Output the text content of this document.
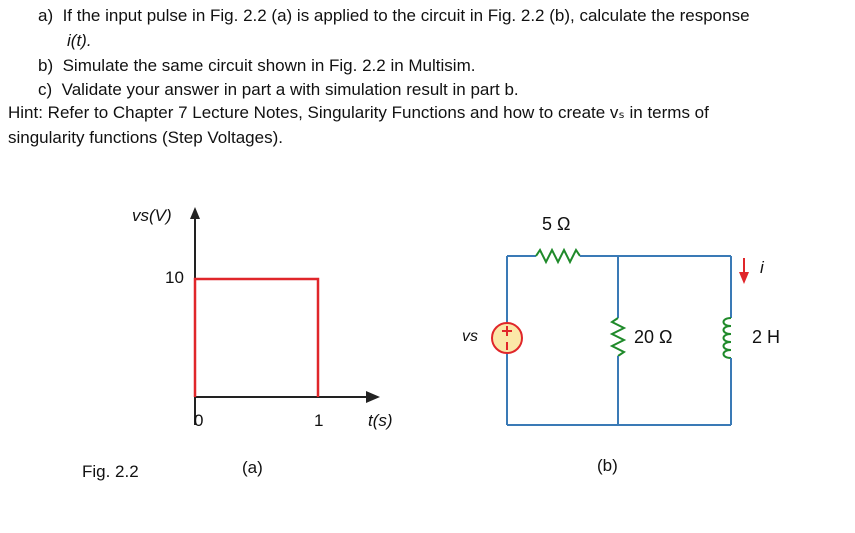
a) If the input pulse in Fig. 2.2 (a) is applied to the circuit in Fig. 2.2 (b), calculate the response
i(t).
b) Simulate the same circuit shown in Fig. 2.2 in Multisim.
c) Validate your answer in part a with simulation result in part b.
Hint: Refer to Chapter 7 Lecture Notes, Singularity Functions and how to create vₛ in terms of
singularity functions (Step Voltages).
vs(V)
10
0	1	t(s)
(a)
Fig. 2.2
5 Ω
20 Ω	2 H
vs
i
(b)
